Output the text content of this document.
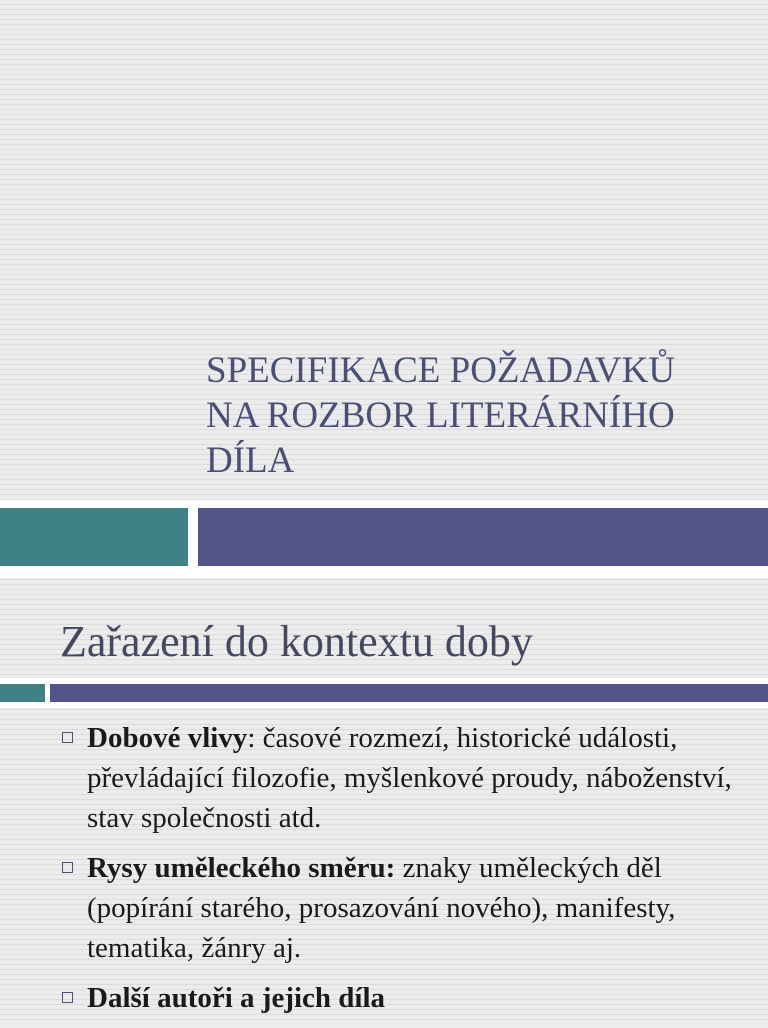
SPECIFIKACE POŽADAVKŮ
NA ROZBOR LITERÁRNÍHO
DÍLA
Zařazení do kontextu doby
Dobové vlivy: časové rozmezí, historické události, převládající filozofie, myšlenkové proudy, náboženství, stav společnosti atd.
Rysy uměleckého směru: znaky uměleckých děl (popírání starého, prosazování nového), manifesty, tematika, žánry aj.
Další autoři a jejich díla
